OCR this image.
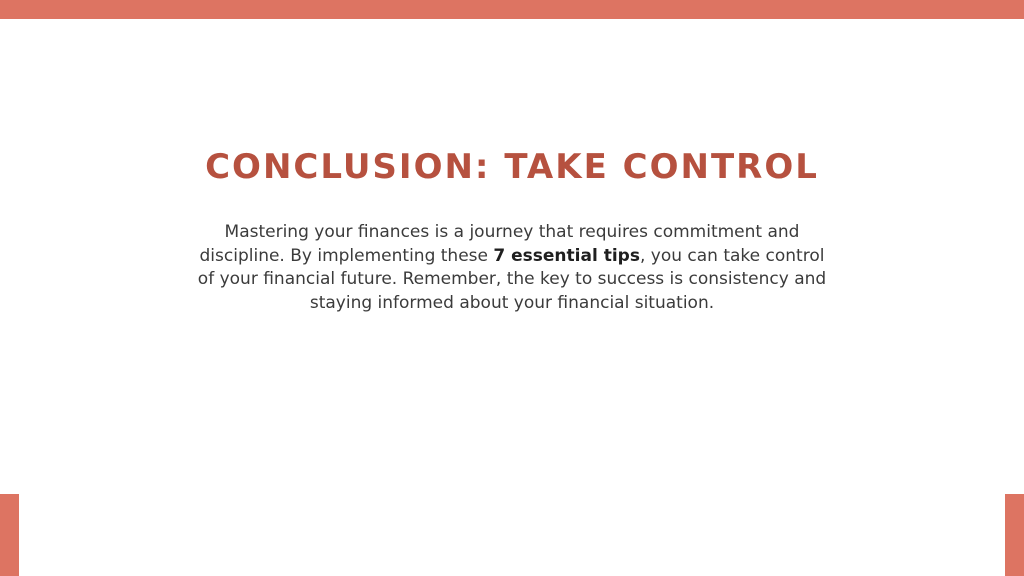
CONCLUSION: TAKE CONTROL

Mastering your finances is a journey that requires commitment and discipline. By implementing these 7 essential tips, you can take control of your financial future. Remember, the key to success is consistency and staying informed about your financial situation.
